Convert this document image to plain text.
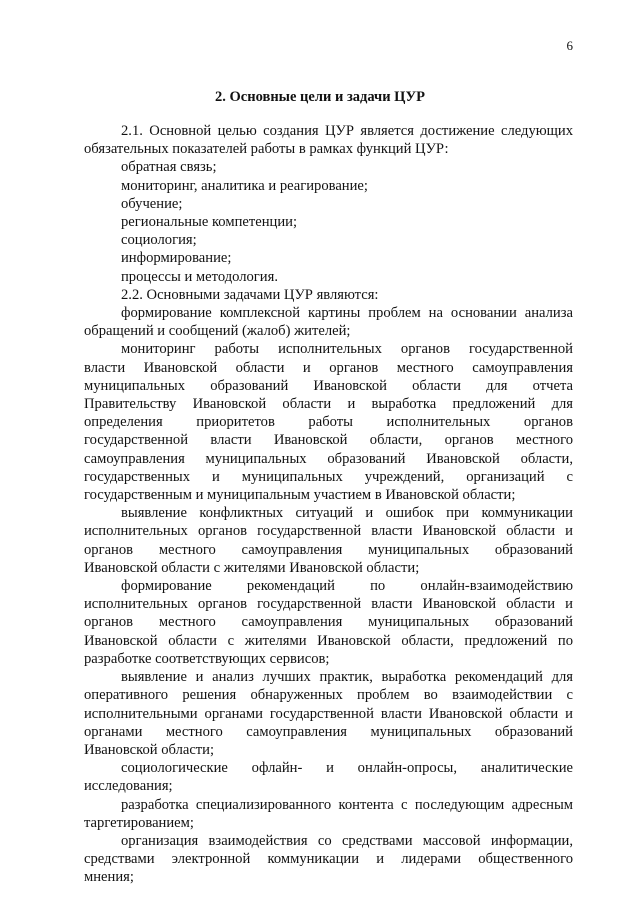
6
2. Основные цели и задачи ЦУР
2.1. Основной целью создания ЦУР является достижение следующих
обязательных показателей работы в рамках функций ЦУР:
обратная связь;
мониторинг, аналитика и реагирование;
обучение;
региональные компетенции;
социология;
информирование;
процессы и методология.
2.2. Основными задачами ЦУР являются:
формирование комплексной картины проблем на основании анализа
обращений и сообщений (жалоб) жителей;
мониторинг работы исполнительных органов государственной
власти Ивановской области и органов местного самоуправления
муниципальных образований Ивановской области для отчета
Правительству Ивановской области и выработка предложений для
определения приоритетов работы исполнительных органов
государственной власти Ивановской области, органов местного
самоуправления муниципальных образований Ивановской области,
государственных и муниципальных учреждений, организаций с
государственным и муниципальным участием в Ивановской области;
выявление конфликтных ситуаций и ошибок при коммуникации
исполнительных органов государственной власти Ивановской области и
органов местного самоуправления муниципальных образований
Ивановской области с жителями Ивановской области;
формирование рекомендаций по онлайн-взаимодействию
исполнительных органов государственной власти Ивановской области и
органов местного самоуправления муниципальных образований
Ивановской области с жителями Ивановской области, предложений по
разработке соответствующих сервисов;
выявление и анализ лучших практик, выработка рекомендаций для
оперативного решения обнаруженных проблем во взаимодействии с
исполнительными органами государственной власти Ивановской области и
органами местного самоуправления муниципальных образований
Ивановской области;
социологические офлайн- и онлайн-опросы, аналитические
исследования;
разработка специализированного контента с последующим адресным
таргетированием;
организация взаимодействия со средствами массовой информации,
средствами электронной коммуникации и лидерами общественного
мнения;
